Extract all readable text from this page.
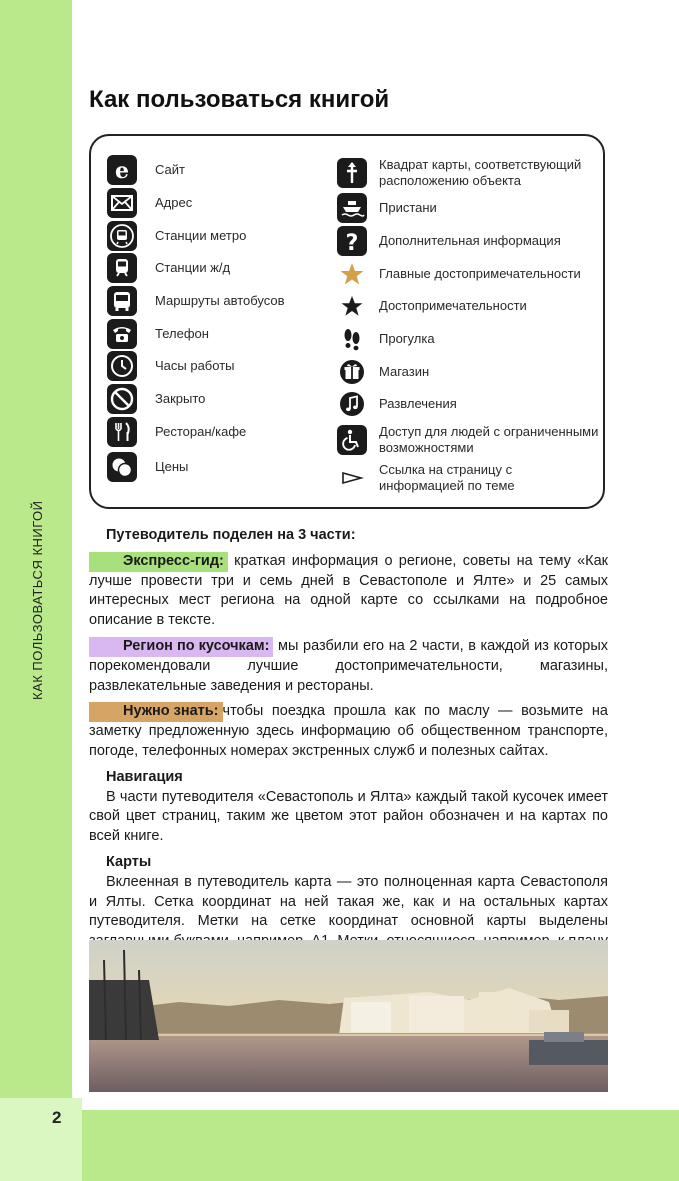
КАК ПОЛЬЗОВАТЬСЯ КНИГОЙ
2
Как пользоваться книгой
e Сайт
Адрес
Станции метро
Станции ж/д
Маршруты автобусов
Телефон
Часы работы
Закрыто
Ресторан/кафе
Цены
Квадрат карты, соответствующий расположению объекта
Пристани
? Дополнительная информация
Главные достопримечательности
Достопримечательности
Прогулка
Магазин
Развлечения
Доступ для людей с ограниченными возможностями
Ссылка на страницу с информацией по теме

Путеводитель поделен на 3 части:

Экспресс-гид: краткая информация о регионе, советы на тему «Как лучше провести три и семь дней в Севастополе и Ялте» и 25 самых интересных мест региона на одной карте со ссылками на подробное описание в тексте.

Регион по кусочкам: мы разбили его на 2 части, в каждой из которых порекомендовали лучшие достопримечательности, магазины, развлекательные заведения и рестораны.

Нужно знать: чтобы поездка прошла как по маслу — возьмите на заметку предложенную здесь информацию об общественном транспорте, погоде, телефонных номерах экстренных служб и полезных сайтах.

Навигация

В части путеводителя «Севастополь и Ялта» каждый такой кусочек имеет свой цвет страниц, таким же цветом этот район обозначен и на картах по всей книге.

Карты

Вклеенная в путеводитель карта — это полноценная карта Севастополя и Ялты. Сетка координат на ней такая же, как и на остальных картах путеводителя. Метки на сетке координат основной карты выделены
